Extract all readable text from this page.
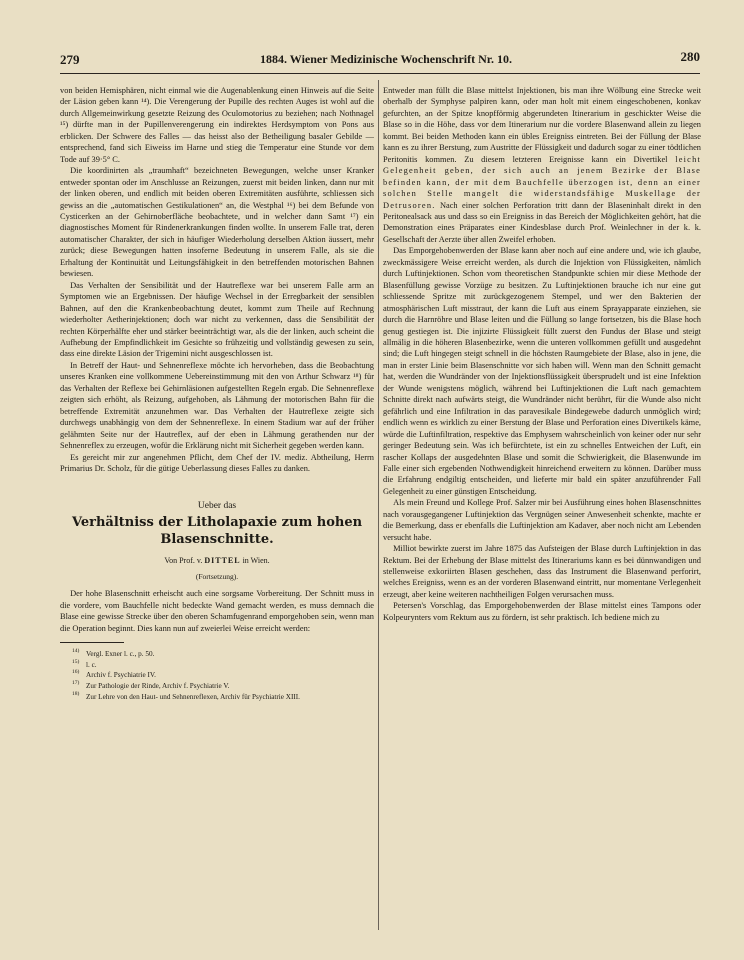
279	1884. Wiener Medizinische Wochenschrift Nr. 10.	280

von beiden Hemisphären, nicht einmal wie die Augenablenkung einen Hinweis auf die Seite der Läsion geben kann ¹⁴). Die Verengerung der Pupille des rechten Auges ist wohl auf die durch Allgemeinwirkung gesetzte Reizung des Oculomotorius zu beziehen; nach Nothnagel ¹⁵) dürfte man in der Pupillenverengerung ein indirektes Herdsymptom von Pons aus erblicken. Der Schwere des Falles — das heisst also der Betheiligung basaler Gebilde — entsprechend, fand sich Eiweiss im Harne und stieg die Temperatur eine Stunde vor dem Tode auf 39·5° C.

Die koordinirten als „traumhaft“ bezeichneten Bewegungen, welche unser Kranker entweder spontan oder im Anschlusse an Reizungen, zuerst mit beiden linken, dann nur mit der linken oberen, und endlich mit beiden oberen Extremitäten ausführte, schliessen sich gewiss an die „automatischen Gestikulationen“ an, die Westphal ¹⁶) bei dem Befunde von Cysticerken an der Gehirnoberfläche beobachtete, und in welcher dann Samt ¹⁷) ein diagnostisches Moment für Rindenerkrankungen finden wollte. In unserem Falle trat, deren automatischer Charakter, der sich in häufiger Wiederholung derselben Aktion äussert, mehr zurück; diese Bewegungen hatten insoferne Bedeutung in unserem Falle, als sie die Erhaltung der Kontinuität und Leitungsfähigkeit in den betreffenden motorischen Bahnen bewiesen.

Das Verhalten der Sensibilität und der Hautreflexe war bei unserem Falle arm an Symptomen wie an Ergebnissen. Der häufige Wechsel in der Erregbarkeit der sensiblen Bahnen, auf den die Krankenbeobachtung deutet, kommt zum Theile auf Rechnung wiederholter Aetherinjektionen; doch war nicht zu verkennen, dass die Sensibilität der rechten Körperhälfte eher und stärker beeinträchtigt war, als die der linken, auch scheint die Aufhebung der Empfindlichkeit im Gesichte so frühzeitig und vollständig gewesen zu sein, dass eine direkte Läsion der Trigemini nicht ausgeschlossen ist.

In Betreff der Haut- und Sehnenreflexe möchte ich hervorheben, dass die Beobachtung unseres Kranken eine vollkommene Uebereinstimmung mit den von Arthur Schwarz ¹⁸) für das Verhalten der Reflexe bei Gehirnläsionen aufgestellten Regeln ergab. Die Sehnenreflexe zeigten sich erhöht, als Reizung, aufgehoben, als Lähmung der motorischen Bahn für die betreffende Extremität anzunehmen war. Das Verhalten der Hautreflexe zeigte sich durchwegs unabhängig von dem der Sehnenreflexe. In einem Stadium war auf der früher gelähmten Seite nur der Hautreflex, auf der eben in Lähmung gerathenden nur der Sehnenreflex zu erzeugen, wofür die Erklärung nicht mit Sicherheit gegeben werden kann.

Es gereicht mir zur angenehmen Pflicht, dem Chef der IV. mediz. Abtheilung, Herrn Primarius Dr. Scholz, für die gütige Ueberlassung dieses Falles zu danken.

Ueber das
Verhältniss der Litholapaxie zum hohen
Blasenschnitte.
Von Prof. v. DITTEL in Wien.
(Fortsetzung).

Der hohe Blasenschnitt erheischt auch eine sorgsame Vorbereitung. Der Schnitt muss in die vordere, vom Bauchfelle nicht bedeckte Wand gemacht werden, es muss demnach die Blase eine gewisse Strecke über den oberen Schamfugenrand emporgehoben sein, wenn man die Operation beginnt. Dies kann nun auf zweierlei Weise erreicht werden:

14) Vergl. Exner l. c., p. 50.
15) l. c.
16) Archiv f. Psychiatrie IV.
17) Zur Pathologie der Rinde, Archiv f. Psychiatrie V.
18) Zur Lehre von den Haut- und Sehnenreflexen, Archiv für Psychiatrie XIII.

Entweder man füllt die Blase mittelst Injektionen, bis man ihre Wölbung eine Strecke weit oberhalb der Symphyse palpiren kann, oder man holt mit einem eingeschobenen, konkav gefurchten, an der Spitze knopfförmig abgerundeten Itinerarium in geschickter Weise die Blase so in die Höhe, dass vor dem Itinerarium nur die vordere Blasenwand allein zu liegen kommt. Bei beiden Methoden kann ein übles Ereigniss eintreten. Bei der Füllung der Blase kann es zu ihrer Berstung, zum Austritte der Flüssigkeit und dadurch sogar zu einer tödtlichen Peritonitis kommen. Zu diesem letzteren Ereignisse kann ein Divertikel leicht Gelegenheit geben, der sich auch an jenem Bezirke der Blase befinden kann, der mit dem Bauchfelle überzogen ist, denn an einer solchen Stelle mangelt die widerstandsfähige Muskellage der Detrusoren. Nach einer solchen Perforation tritt dann der Blaseninhalt direkt in den Peritonealsack aus und dass so ein Ereigniss in das Bereich der Möglichkeiten gehört, hat die Demonstration eines Präparates einer Kindesblase durch Prof. Weinlechner in der k. k. Gesellschaft der Aerzte über allen Zweifel erhoben.

Das Emporgehobenwerden der Blase kann aber noch auf eine andere und, wie ich glaube, zweckmässigere Weise erreicht werden, als durch die Injektion von Flüssigkeiten, nämlich durch Luftinjektionen. Schon vom theoretischen Standpunkte schien mir diese Methode der Blasenfüllung gewisse Vorzüge zu besitzen. Zu Luftinjektionen brauche ich nur eine gut schliessende Spritze mit zurückgezogenem Stempel, und wer den Bakterien der atmosphärischen Luft misstraut, der kann die Luft aus einem Sprayapparate einziehen, sie durch die Harnröhre und Blase leiten und die Füllung so lange fortsetzen, bis die Blase hoch genug gestiegen ist. Die injizirte Flüssigkeit füllt zuerst den Fundus der Blase und steigt allmälig in die höheren Blasenbezirke, wenn die unteren vollkommen gefüllt und ausgedehnt sind; die Luft hingegen steigt schnell in die höchsten Raumgebiete der Blase, also in jene, die man in erster Linie beim Blasenschnitte vor sich haben will. Wenn man den Schnitt gemacht hat, werden die Wundränder von der Injektionsflüssigkeit übersprudelt und ist eine Infektion der Wunde wenigstens möglich, während bei Luftinjektionen die Luft nach gemachtem Schnitte direkt nach aufwärts steigt, die Wundränder nicht berührt, für die Wunde also nicht gefährlich und eine Infiltration in das paravesikale Bindegewebe dadurch unmöglich wird; endlich wenn es wirklich zu einer Berstung der Blase und Perforation eines Divertikels käme, würde die Luftinfiltration, respektive das Emphysem wahrscheinlich von keiner oder nur sehr geringer Bedeutung sein. Was ich befürchtete, ist ein zu schnelles Entweichen der Luft, ein rascher Kollaps der ausgedehnten Blase und somit die Schwierigkeit, die Blasenwunde im Falle einer sich ergebenden Nothwendigkeit hinreichend erweitern zu können. Darüber muss die Erfahrung endgiltig entscheiden, und lieferte mir bald ein später anzuführender Fall Gelegenheit zu einer günstigen Entscheidung.

Als mein Freund und Kollege Prof. Salzer mir bei Ausführung eines hohen Blasenschnittes nach vorausgegangener Luftinjektion das Vergnügen seiner Anwesenheit schenkte, machte er die Bemerkung, dass er ebenfalls die Luftinjektion am Kadaver, aber noch nicht am Lebenden versucht habe.

Milliot bewirkte zuerst im Jahre 1875 das Aufsteigen der Blase durch Luftinjektion in das Rektum. Bei der Erhebung der Blase mittelst des Itinerariums kann es bei dünnwandigen und stellenweise exkoriirten Blasen geschehen, dass das Instrument die Blasenwand perforirt, welches Ereigniss, wenn es an der vorderen Blasenwand eintritt, nur momentane Verlegenheit erzeugt, aber keine weiteren nachtheiligen Folgen verursachen muss.

Petersen's Vorschlag, das Emporgehobenwerden der Blase mittelst eines Tampons oder Kolpeurynters vom Rektum aus zu fördern, ist sehr praktisch. Ich bediene mich zu
